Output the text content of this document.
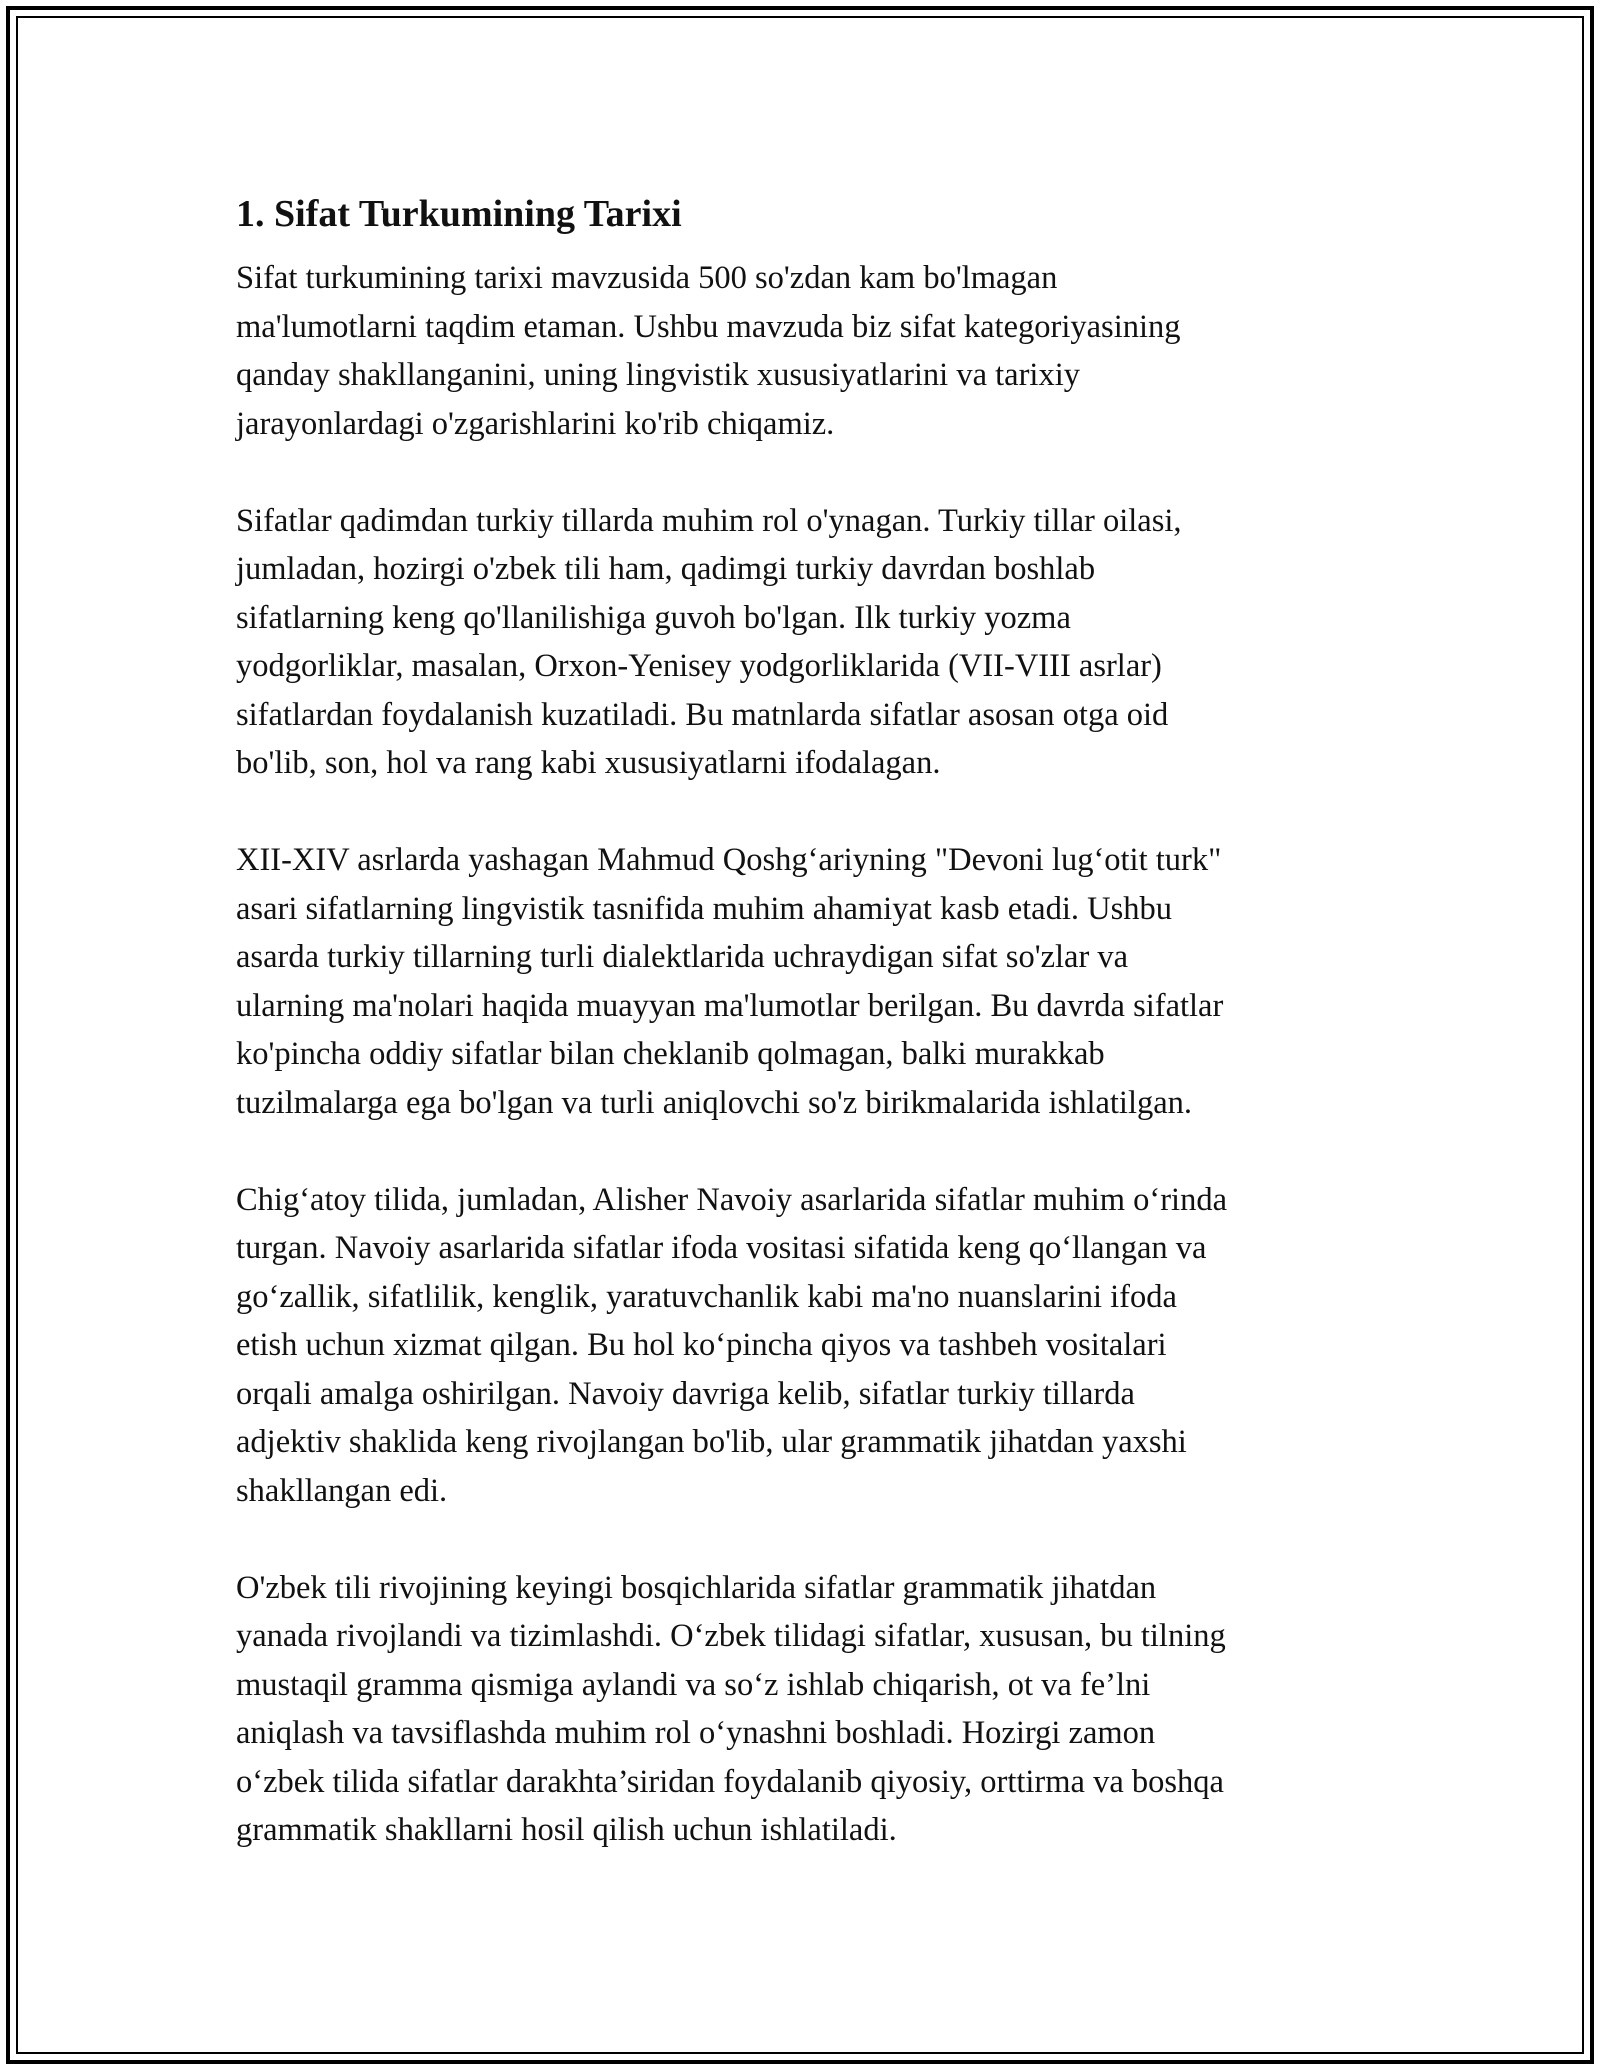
1. Sifat Turkumining Tarixi

Sifat turkumining tarixi mavzusida 500 so'zdan kam bo'lmagan
ma'lumotlarni taqdim etaman. Ushbu mavzuda biz sifat kategoriyasining
qanday shakllanganini, uning lingvistik xususiyatlarini va tarixiy
jarayonlardagi o'zgarishlarini ko'rib chiqamiz.

Sifatlar qadimdan turkiy tillarda muhim rol o'ynagan. Turkiy tillar oilasi,
jumladan, hozirgi o'zbek tili ham, qadimgi turkiy davrdan boshlab
sifatlarning keng qo'llanilishiga guvoh bo'lgan. Ilk turkiy yozma
yodgorliklar, masalan, Orxon-Yenisey yodgorliklarida (VII-VIII asrlar)
sifatlardan foydalanish kuzatiladi. Bu matnlarda sifatlar asosan otga oid
bo'lib, son, hol va rang kabi xususiyatlarni ifodalagan.

XII-XIV asrlarda yashagan Mahmud Qoshg‘ariyning "Devoni lug‘otit turk"
asari sifatlarning lingvistik tasnifida muhim ahamiyat kasb etadi. Ushbu
asarda turkiy tillarning turli dialektlarida uchraydigan sifat so'zlar va
ularning ma'nolari haqida muayyan ma'lumotlar berilgan. Bu davrda sifatlar
ko'pincha oddiy sifatlar bilan cheklanib qolmagan, balki murakkab
tuzilmalarga ega bo'lgan va turli aniqlovchi so'z birikmalarida ishlatilgan.

Chig‘atoy tilida, jumladan, Alisher Navoiy asarlarida sifatlar muhim o‘rinda
turgan. Navoiy asarlarida sifatlar ifoda vositasi sifatida keng qo‘llangan va
go‘zallik, sifatlilik, kenglik, yaratuvchanlik kabi ma'no nuanslarini ifoda
etish uchun xizmat qilgan. Bu hol ko‘pincha qiyos va tashbeh vositalari
orqali amalga oshirilgan. Navoiy davriga kelib, sifatlar turkiy tillarda
adjektiv shaklida keng rivojlangan bo'lib, ular grammatik jihatdan yaxshi
shakllangan edi.

O'zbek tili rivojining keyingi bosqichlarida sifatlar grammatik jihatdan
yanada rivojlandi va tizimlashdi. O‘zbek tilidagi sifatlar, xususan, bu tilning
mustaqil gramma qismiga aylandi va so‘z ishlab chiqarish, ot va fe’lni
aniqlash va tavsiflashda muhim rol o‘ynashni boshladi. Hozirgi zamon
o‘zbek tilida sifatlar darakhta’siridan foydalanib qiyosiy, orttirma va boshqa
grammatik shakllarni hosil qilish uchun ishlatiladi.
